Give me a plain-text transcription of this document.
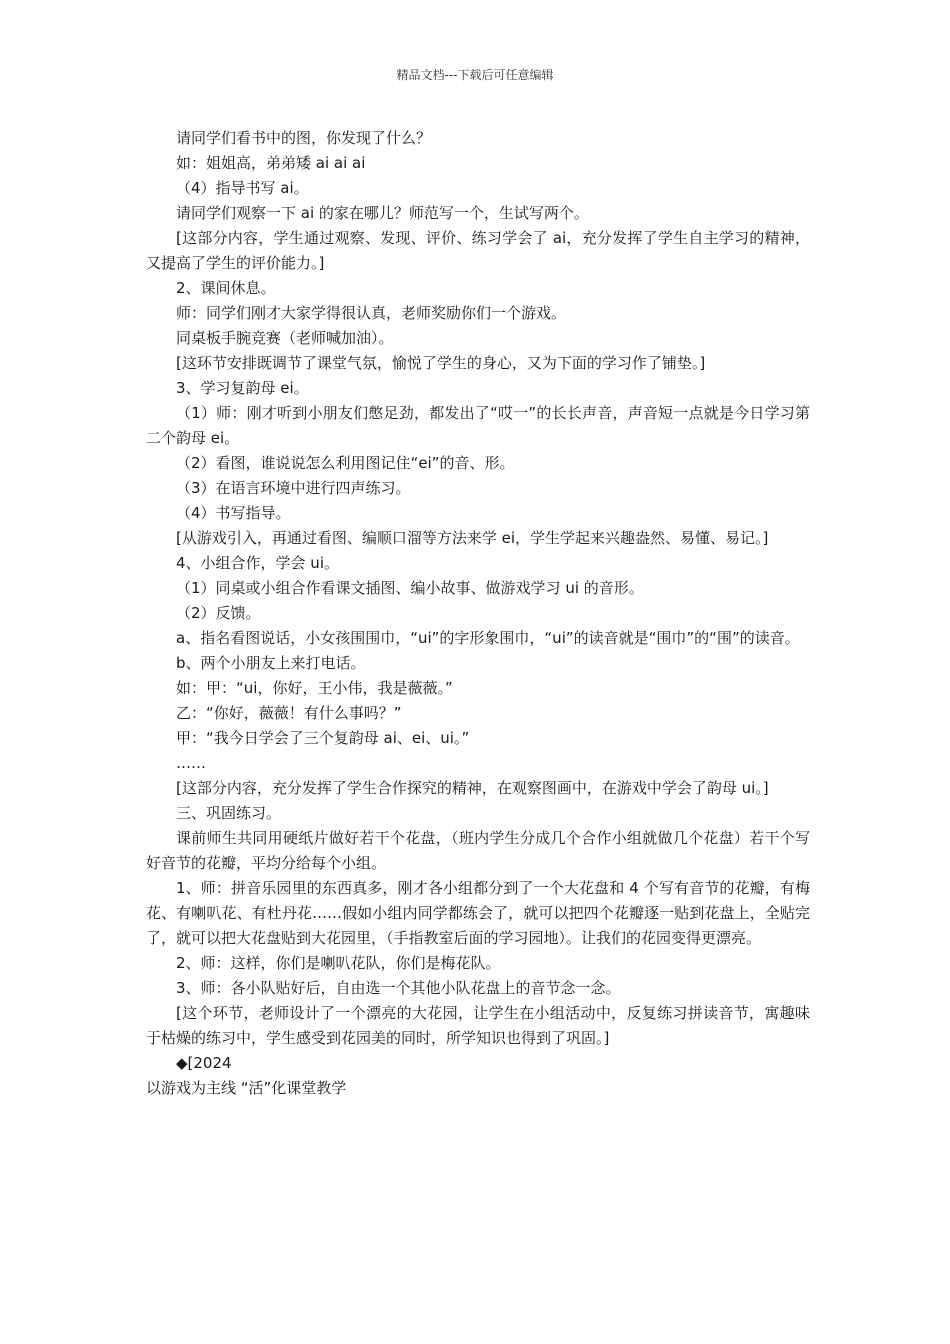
精品文档---下载后可任意编辑

请同学们看书中的图，你发现了什么？

如：姐姐高，弟弟矮 ai ai ai

（4）指导书写 ai。

请同学们观察一下 ai 的家在哪儿？师范写一个，生试写两个。

[这部分内容，学生通过观察、发现、评价、练习学会了 ai，充分发挥了学生自主学习的精神，又提高了学生的评价能力。]

2、课间休息。

师：同学们刚才大家学得很认真，老师奖励你们一个游戏。

同桌板手腕竞赛（老师喊加油）。

[这环节安排既调节了课堂气氛，愉悦了学生的身心，又为下面的学习作了铺垫。]

3、学习复韵母 ei。

（1）师：刚才听到小朋友们憋足劲，都发出了“哎一”的长长声音，声音短一点就是今日学习第二个韵母 ei。

（2）看图，谁说说怎么利用图记住“ei”的音、形。

（3）在语言环境中进行四声练习。

（4）书写指导。

[从游戏引入，再通过看图、编顺口溜等方法来学 ei，学生学起来兴趣盎然、易懂、易记。]

4、小组合作，学会 ui。

（1）同桌或小组合作看课文插图、编小故事、做游戏学习 ui 的音形。

（2）反馈。

a、指名看图说话，小女孩围围巾，“ui”的字形象围巾，“ui”的读音就是“围巾”的“围”的读音。

b、两个小朋友上来打电话。

如：甲：“ui，你好，王小伟，我是薇薇。”

乙：“你好，薇薇！有什么事吗？”

甲：“我今日学会了三个复韵母 ai、ei、ui。”

……

[这部分内容，充分发挥了学生合作探究的精神，在观察图画中，在游戏中学会了韵母 ui。]

三、巩固练习。

课前师生共同用硬纸片做好若干个花盘，（班内学生分成几个合作小组就做几个花盘）若干个写好音节的花瓣，平均分给每个小组。

1、师：拼音乐园里的东西真多，刚才各小组都分到了一个大花盘和 4 个写有音节的花瓣，有梅花、有喇叭花、有杜丹花……假如小组内同学都练会了，就可以把四个花瓣逐一贴到花盘上，全贴完了，就可以把大花盘贴到大花园里，（手指教室后面的学习园地）。让我们的花园变得更漂亮。

2、师：这样，你们是喇叭花队，你们是梅花队。

3、师：各小队贴好后，自由选一个其他小队花盘上的音节念一念。

[这个环节，老师设计了一个漂亮的大花园，让学生在小组活动中，反复练习拼读音节，寓趣味于枯燥的练习中，学生感受到花园美的同时，所学知识也得到了巩固。]

◆[2024

以游戏为主线 “活”化课堂教学
